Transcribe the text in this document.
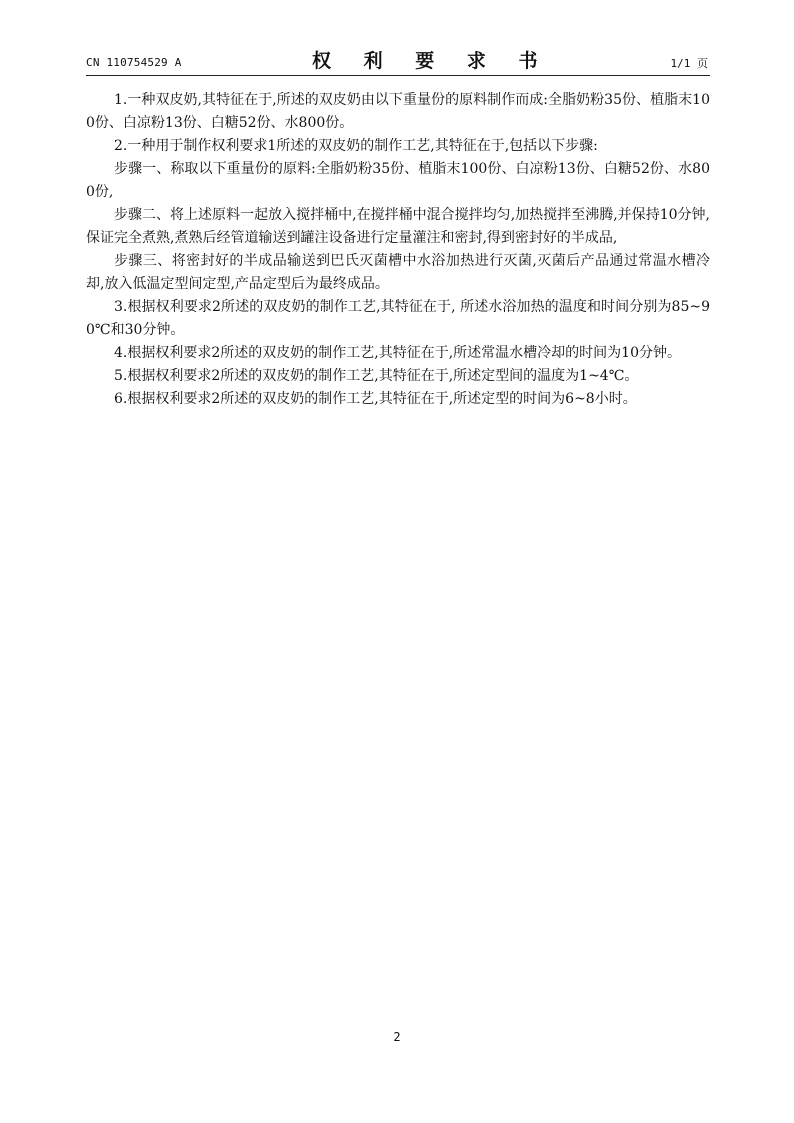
CN 110754529 A	权 利 要 求 书	1/1 页

1.一种双皮奶,其特征在于,所述的双皮奶由以下重量份的原料制作而成:全脂奶粉35份、植脂末100份、白凉粉13份、白糖52份、水800份。

2.一种用于制作权利要求1所述的双皮奶的制作工艺,其特征在于,包括以下步骤:

步骤一、称取以下重量份的原料:全脂奶粉35份、植脂末100份、白凉粉13份、白糖52份、水800份,

步骤二、将上述原料一起放入搅拌桶中,在搅拌桶中混合搅拌均匀,加热搅拌至沸腾,并保持10分钟,保证完全煮熟,煮熟后经管道输送到罐注设备进行定量灌注和密封,得到密封好的半成品,

步骤三、将密封好的半成品输送到巴氏灭菌槽中水浴加热进行灭菌,灭菌后产品通过常温水槽冷却,放入低温定型间定型,产品定型后为最终成品。

3.根据权利要求2所述的双皮奶的制作工艺,其特征在于, 所述水浴加热的温度和时间分别为85~90℃和30分钟。

4.根据权利要求2所述的双皮奶的制作工艺,其特征在于,所述常温水槽冷却的时间为10分钟。

5.根据权利要求2所述的双皮奶的制作工艺,其特征在于,所述定型间的温度为1~4℃。

6.根据权利要求2所述的双皮奶的制作工艺,其特征在于,所述定型的时间为6~8小时。

2
